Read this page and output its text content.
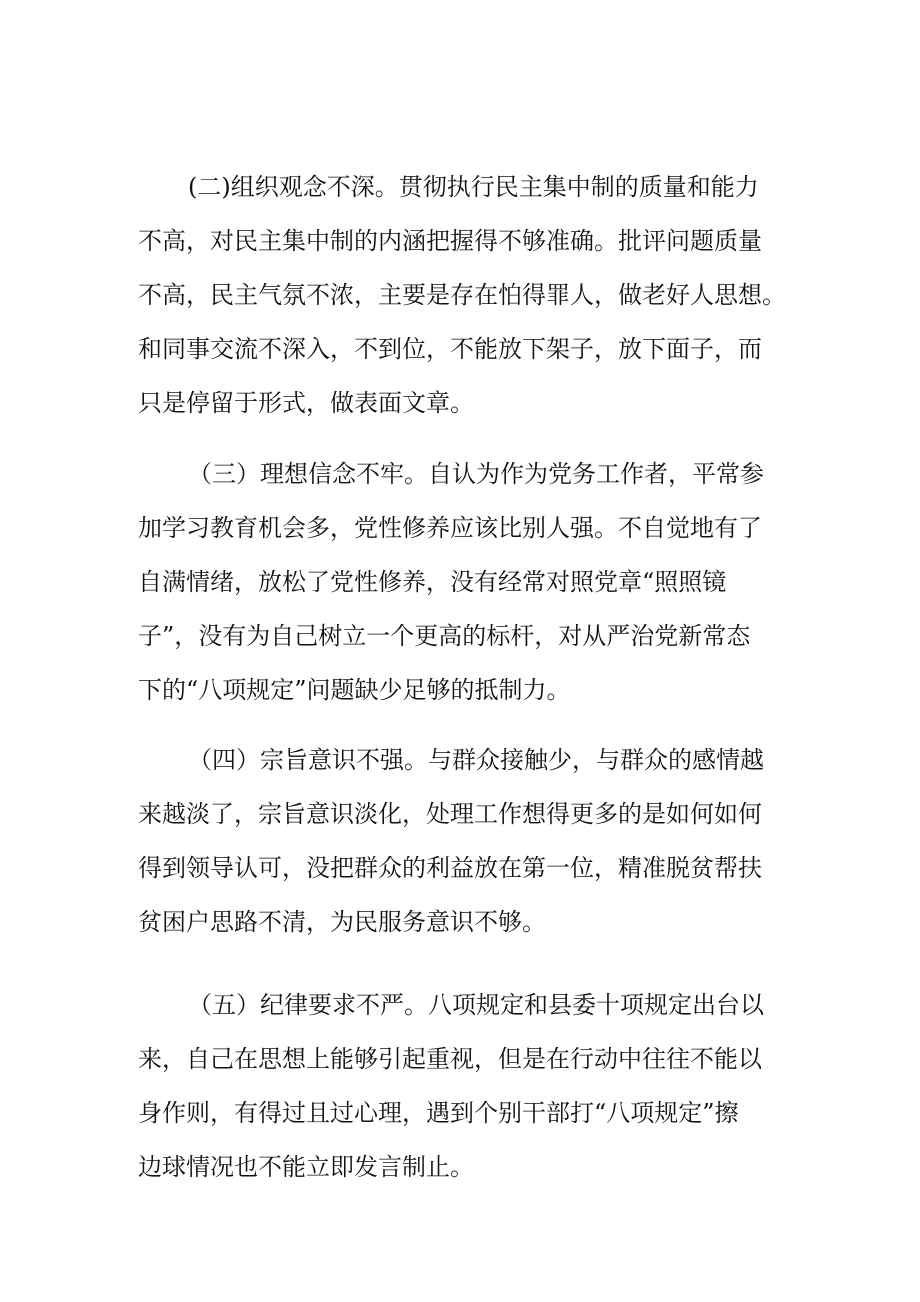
(二)组织观念不深。贯彻执行民主集中制的质量和能力
不高，对民主集中制的内涵把握得不够准确。批评问题质量
不高，民主气氛不浓，主要是存在怕得罪人，做老好人思想。
和同事交流不深入，不到位，不能放下架子，放下面子，而
只是停留于形式，做表面文章。
（三）理想信念不牢。自认为作为党务工作者，平常参
加学习教育机会多，党性修养应该比别人强。不自觉地有了
自满情绪，放松了党性修养，没有经常对照党章“照照镜
子”，没有为自己树立一个更高的标杆，对从严治党新常态
下的“八项规定”问题缺少足够的抵制力。
（四）宗旨意识不强。与群众接触少，与群众的感情越
来越淡了，宗旨意识淡化，处理工作想得更多的是如何如何
得到领导认可，没把群众的利益放在第一位，精准脱贫帮扶
贫困户思路不清，为民服务意识不够。
（五）纪律要求不严。八项规定和县委十项规定出台以
来，自己在思想上能够引起重视，但是在行动中往往不能以
身作则，有得过且过心理，遇到个别干部打“八项规定”擦
边球情况也不能立即发言制止。
